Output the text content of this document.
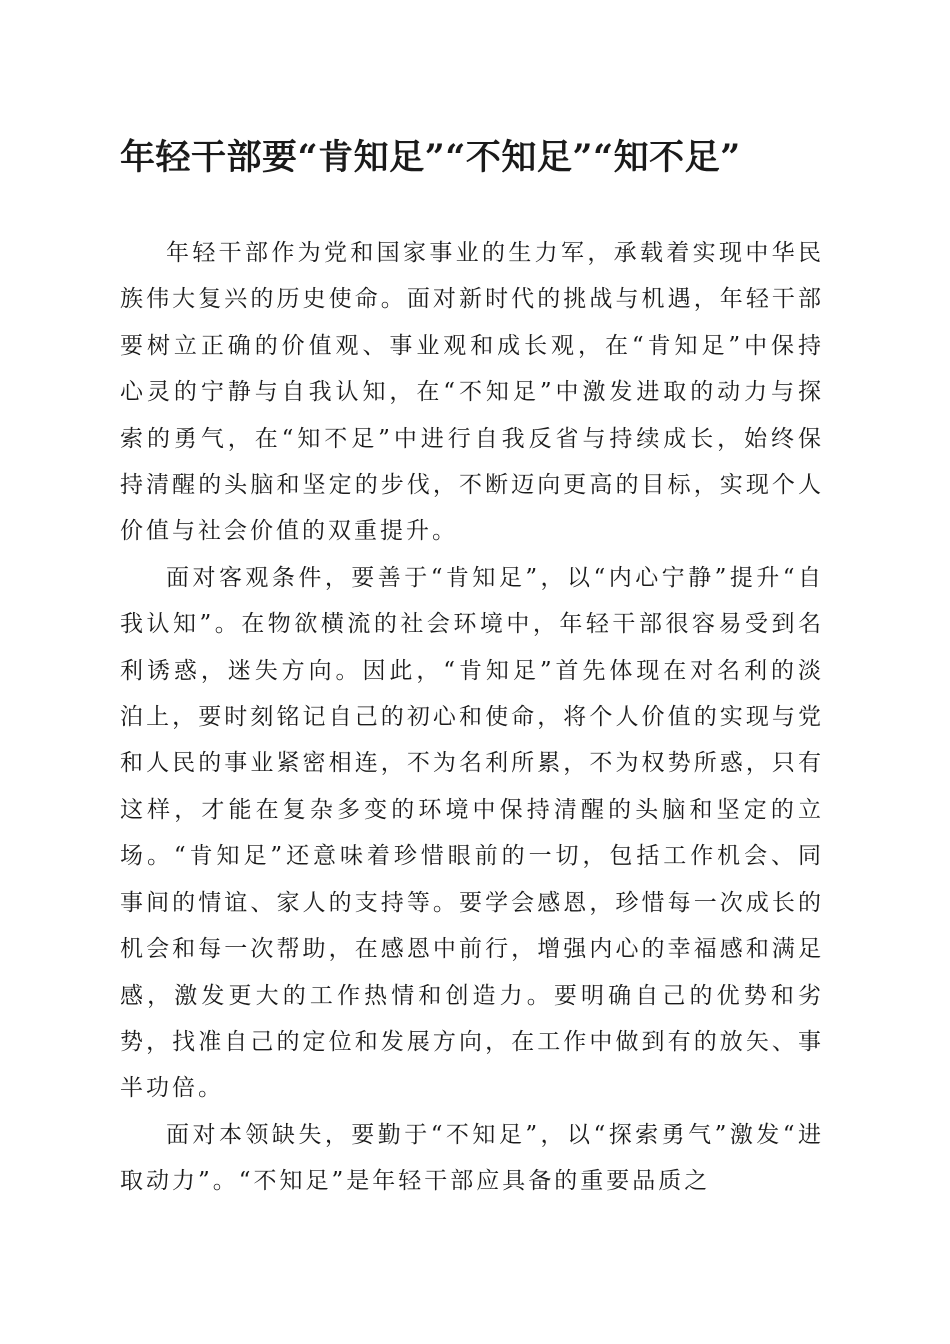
年轻干部要“肯知足”“不知足”“知不足”

年轻干部作为党和国家事业的生力军，承载着实现中华民族伟大复兴的历史使命。面对新时代的挑战与机遇，年轻干部要树立正确的价值观、事业观和成长观，在“肯知足”中保持心灵的宁静与自我认知，在“不知足”中激发进取的动力与探索的勇气，在“知不足”中进行自我反省与持续成长，始终保持清醒的头脑和坚定的步伐，不断迈向更高的目标，实现个人价值与社会价值的双重提升。

面对客观条件，要善于“肯知足”，以“内心宁静”提升“自我认知”。在物欲横流的社会环境中，年轻干部很容易受到名利诱惑，迷失方向。因此，“肯知足”首先体现在对名利的淡泊上，要时刻铭记自己的初心和使命，将个人价值的实现与党和人民的事业紧密相连，不为名利所累，不为权势所惑，只有这样，才能在复杂多变的环境中保持清醒的头脑和坚定的立场。“肯知足”还意味着珍惜眼前的一切，包括工作机会、同事间的情谊、家人的支持等。要学会感恩，珍惜每一次成长的机会和每一次帮助，在感恩中前行，增强内心的幸福感和满足感，激发更大的工作热情和创造力。要明确自己的优势和劣势，找准自己的定位和发展方向，在工作中做到有的放矢、事半功倍。

面对本领缺失，要勤于“不知足”，以“探索勇气”激发“进取动力”。“不知足”是年轻干部应具备的重要品质之
